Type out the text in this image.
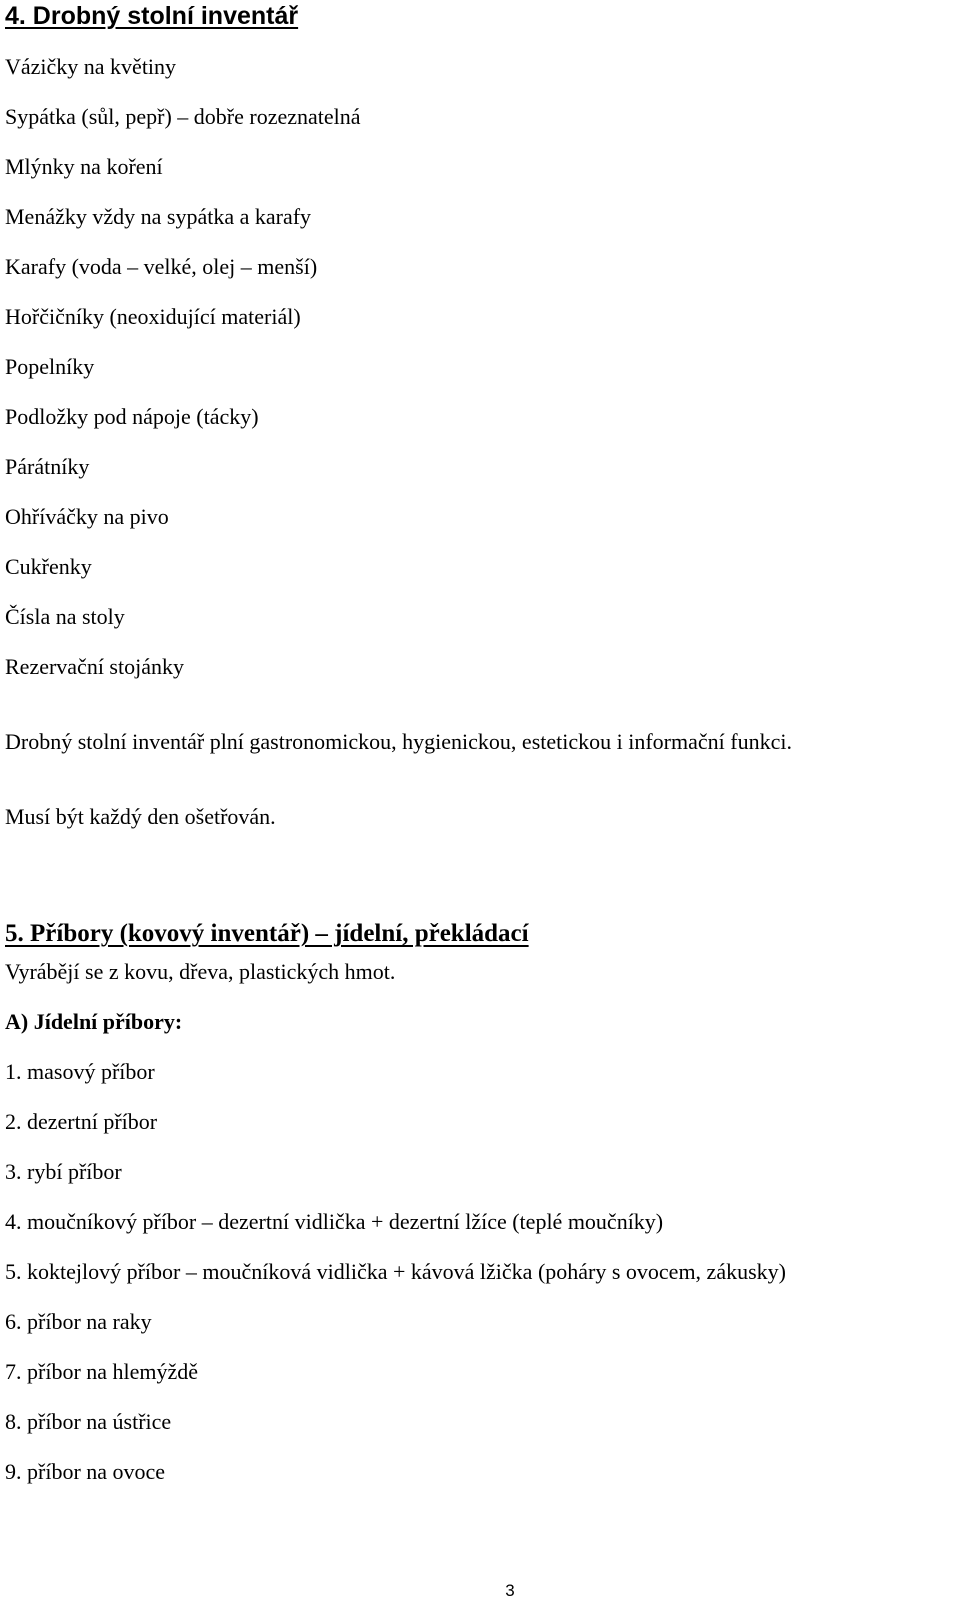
4. Drobný stolní inventář
Vázičky na květiny
Sypátka (sůl, pepř) – dobře rozeznatelná
Mlýnky na koření
Menážky vždy na sypátka a karafy
Karafy (voda – velké, olej – menší)
Hořčičníky (neoxidující materiál)
Popelníky
Podložky pod nápoje (tácky)
Párátníky
Ohříváčky na pivo
Cukřenky
Čísla na stoly
Rezervační stojánky
Drobný stolní inventář plní gastronomickou, hygienickou, estetickou i informační funkci.
Musí být každý den ošetřován.
5. Příbory (kovový inventář) – jídelní, překládací
Vyrábějí se z kovu, dřeva, plastických hmot.
A) Jídelní příbory:
1. masový příbor
2. dezertní příbor
3. rybí příbor
4. moučníkový příbor – dezertní vidlička + dezertní lžíce (teplé moučníky)
5. koktejlový příbor – moučníková vidlička + kávová lžička (poháry s ovocem, zákusky)
6. příbor na raky
7. příbor na hlemýždě
8. příbor na ústřice
9. příbor na ovoce
3
